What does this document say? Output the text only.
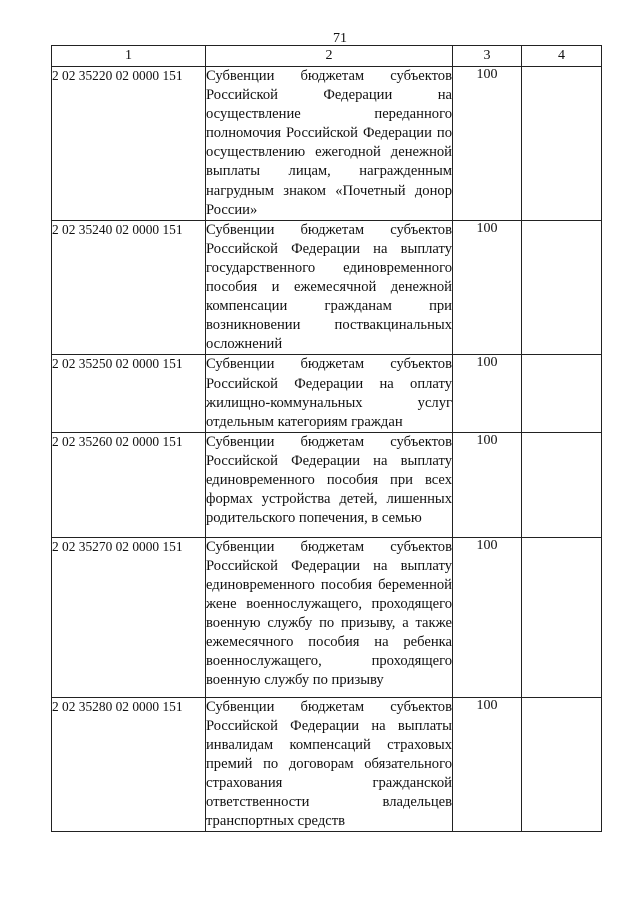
71
1	2	3	4
2 02 35220 02 0000 151	Субвенции бюджетам субъектов Российской Федерации на осуществление переданного полномочия Российской Федерации по осуществлению ежегодной денежной выплаты лицам, награжденным нагрудным знаком «Почетный донор России»	100	
2 02 35240 02 0000 151	Субвенции бюджетам субъектов Российской Федерации на выплату государственного единовременного пособия и ежемесячной денежной компенсации гражданам при возникновении поствакцинальных осложнений	100	
2 02 35250 02 0000 151	Субвенции бюджетам субъектов Российской Федерации на оплату жилищно-коммунальных услуг отдельным категориям граждан	100	
2 02 35260 02 0000 151	Субвенции бюджетам субъектов Российской Федерации на выплату единовременного пособия при всех формах устройства детей, лишенных родительского попечения, в семью	100	
2 02 35270 02 0000 151	Субвенции бюджетам субъектов Российской Федерации на выплату единовременного пособия беременной жене военнослужащего, проходящего военную службу по призыву, а также ежемесячного пособия на ребенка военнослужащего, проходящего военную службу по призыву	100	
2 02 35280 02 0000 151	Субвенции бюджетам субъектов Российской Федерации на выплаты инвалидам компенсаций страховых премий по договорам обязательного страхования гражданской ответственности владельцев транспортных средств	100	
